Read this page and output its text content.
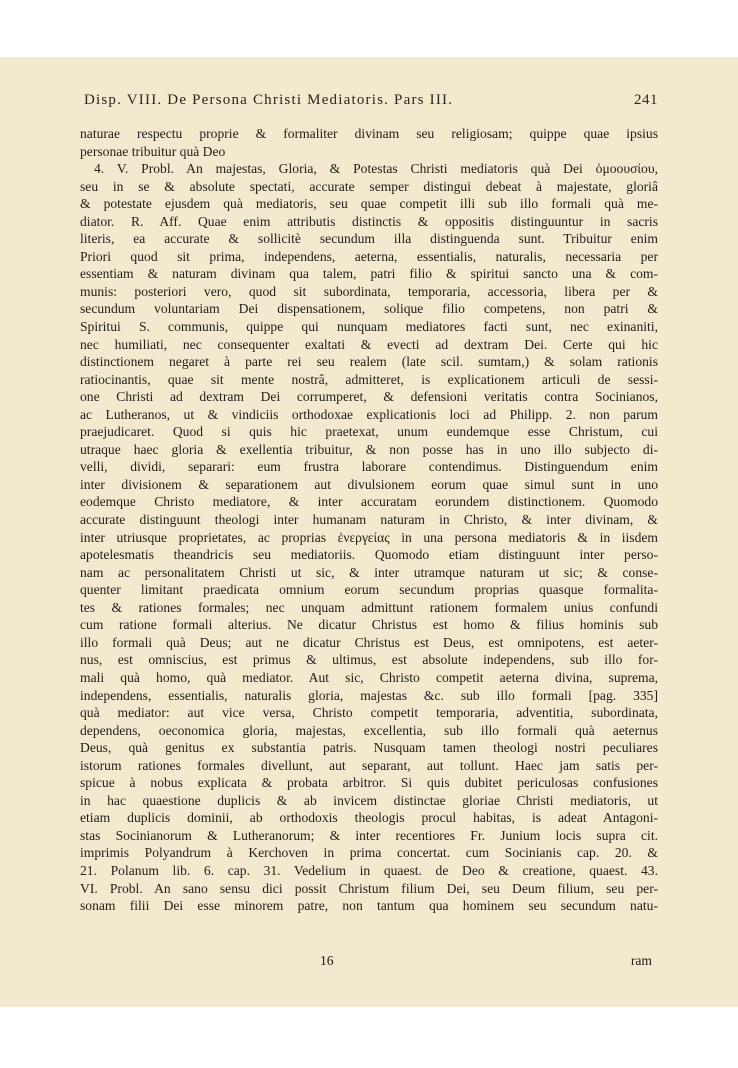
Disp. VIII. De Persona Christi Mediatoris. Pars III.	241
naturae respectu proprie & formaliter divinam seu religiosam; quippe quae ipsius
personae tribuitur quà Deo
4. V. Probl. An majestas, Gloria, & Potestas Christi mediatoris quà Dei ὁμοουσίου,
seu in se & absolute spectati, accurate semper distingui debeat à majestate, gloriâ
& potestate ejusdem quà mediatoris, seu quae competit illi sub illo formali quà me-
diator. R. Aff. Quae enim attributis distinctis & oppositis distinguuntur in sacris
literis, ea accurate & sollicitè secundum illa distinguenda sunt. Tribuitur enim
Priori quod sit prima, independens, aeterna, essentialis, naturalis, necessaria per
essentiam & naturam divinam qua talem, patri filio & spiritui sancto una & com-
munis: posteriori vero, quod sit subordinata, temporaria, accessoria, libera per &
secundum voluntariam Dei dispensationem, solique filio competens, non patri &
Spiritui S. communis, quippe qui nunquam mediatores facti sunt, nec exinaniti,
nec humiliati, nec consequenter exaltati & evecti ad dextram Dei. Certe qui hic
distinctionem negaret à parte rei seu realem (late scil. sumtam,) & solam rationis
ratiocinantis, quae sit mente nostrâ, admitteret, is explicationem articuli de sessi-
one Christi ad dextram Dei corrumperet, & defensioni veritatis contra Socinianos,
ac Lutheranos, ut & vindiciis orthodoxae explicationis loci ad Philipp. 2. non parum
praejudicaret. Quod si quis hic praetexat, unum eundemque esse Christum, cui
utraque haec gloria & exellentia tribuitur, & non posse has in uno illo subjecto di-
velli, dividi, separari: eum frustra laborare contendimus. Distinguendum enim
inter divisionem & separationem aut divulsionem eorum quae simul sunt in uno
eodemque Christo mediatore, & inter accuratam eorundem distinctionem. Quomodo
accurate distinguunt theologi inter humanam naturam in Christo, & inter divinam, &
inter utriusque proprietates, ac proprias ἐνεργείας in una persona mediatoris & in iisdem
apotelesmatis theandricis seu mediatoriis. Quomodo etiam distinguunt inter perso-
nam ac personalitatem Christi ut sic, & inter utramque naturam ut sic; & conse-
quenter limitant praedicata omnium eorum secundum proprias quasque formalita-
tes & rationes formales; nec unquam admittunt rationem formalem unius confundi
cum ratione formali alterius. Ne dicatur Christus est homo & filius hominis sub
illo formali quà Deus; aut ne dicatur Christus est Deus, est omnipotens, est aeter-
nus, est omniscius, est primus & ultimus, est absolute independens, sub illo for-
mali quà homo, quà mediator. Aut sic, Christo competit aeterna divina, suprema,
independens, essentialis, naturalis gloria, majestas &c. sub illo formali [pag. 335]
quà mediator: aut vice versa, Christo competit temporaria, adventitia, subordinata,
dependens, oeconomica gloria, majestas, excellentia, sub illo formali quà aeternus
Deus, quà genitus ex substantia patris. Nusquam tamen theologi nostri peculiares
istorum rationes formales divellunt, aut separant, aut tollunt. Haec jam satis per-
spicue à nobus explicata & probata arbitror. Si quis dubitet periculosas confusiones
in hac quaestione duplicis & ab invicem distinctae gloriae Christi mediatoris, ut
etiam duplicis dominii, ab orthodoxis theologis procul habitas, is adeat Antagoni-
stas Socinianorum & Lutheranorum; & inter recentiores Fr. Junium locis supra cit.
imprimis Polyandrum à Kerchoven in prima concertat. cum Socinianis cap. 20. &
21. Polanum lib. 6. cap. 31. Vedelium in quaest. de Deo & creatione, quaest. 43.
VI. Probl. An sano sensu dici possit Christum filium Dei, seu Deum filium, seu per-
sonam filii Dei esse minorem patre, non tantum qua hominem seu secundum natu-
16	ram
